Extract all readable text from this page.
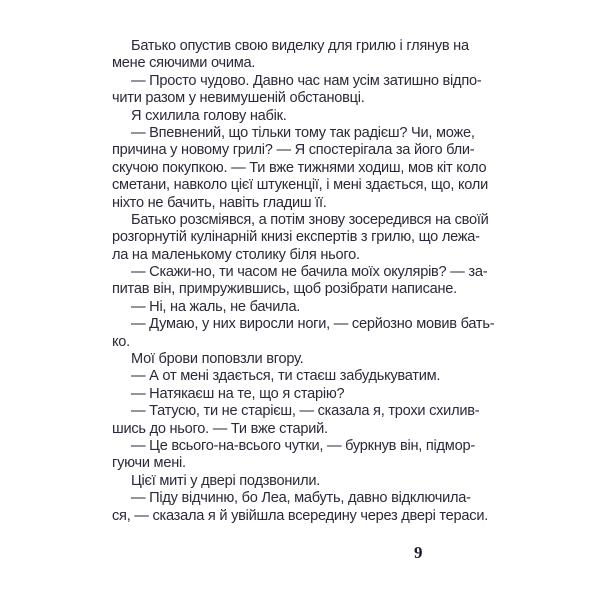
Батько опустив свою виделку для грилю і глянув на
мене сяючими очима.
— Просто чудово. Давно час нам усім затишно відпо-
чити разом у невимушеній обстановці.
Я схилила голову набік.
— Впевнений, що тільки тому так радієш? Чи, може,
причина у новому грилі? — Я спостерігала за його бли-
скучою покупкою. — Ти вже тижнями ходиш, мов кіт коло
сметани, навколо цієї штукенції, і мені здається, що, коли
ніхто не бачить, навіть гладиш її.
Батько розсміявся, а потім знову зосередився на своїй
розгорнутій кулінарній книзі експертів з грилю, що лежа-
ла на маленькому столику біля нього.
— Скажи-но, ти часом не бачила моїх окулярів? — за-
питав він, примружившись, щоб розібрати написане.
— Ні, на жаль, не бачила.
— Думаю, у них виросли ноги, — серйозно мовив бать-
ко.
Мої брови поповзли вгору.
— А от мені здається, ти стаєш забудькуватим.
— Натякаєш на те, що я старію?
— Татусю, ти не старієш, — сказала я, трохи схилив-
шись до нього. — Ти вже старий.
— Це всього-на-всього чутки, — буркнув він, підмор-
гуючи мені.
Цієї миті у двері подзвонили.
— Піду відчиню, бо Леа, мабуть, давно відключила-
ся, — сказала я й увійшла всередину через двері тераси.
9
